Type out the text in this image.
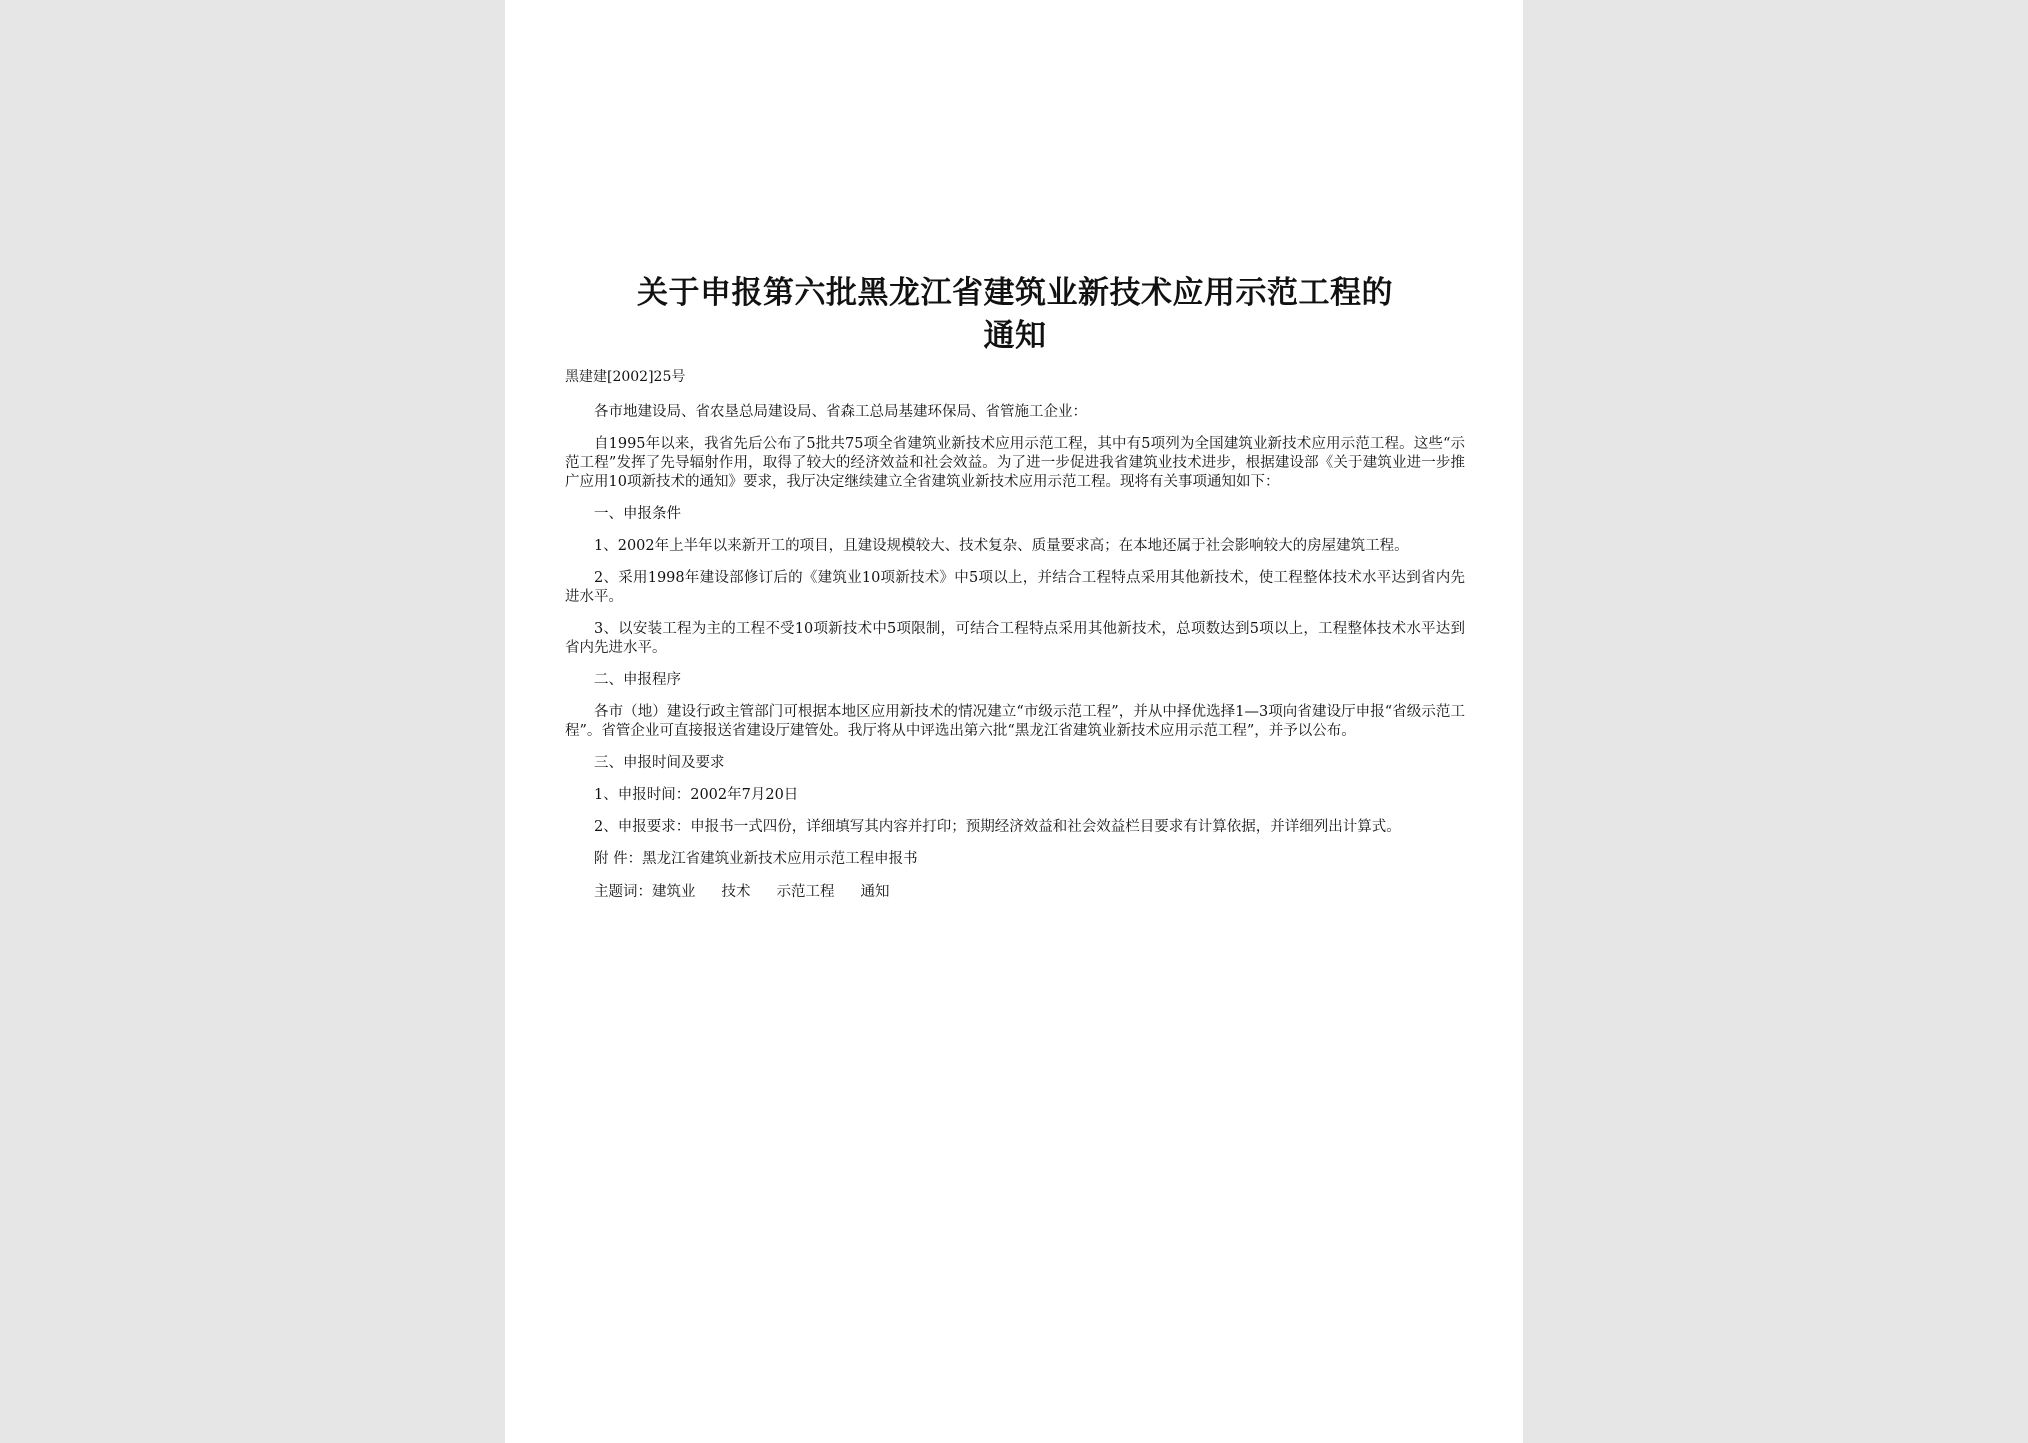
关于申报第六批黑龙江省建筑业新技术应用示范工程的
通知

黑建建[2002]25号

各市地建设局、省农垦总局建设局、省森工总局基建环保局、省管施工企业：

自1995年以来，我省先后公布了5批共75项全省建筑业新技术应用示范工程，其中有5项列为全国建筑业新技术应用示范工程。这些“示范工程”发挥了先导辐射作用，取得了较大的经济效益和社会效益。为了进一步促进我省建筑业技术进步，根据建设部《关于建筑业进一步推广应用10项新技术的通知》要求，我厅决定继续建立全省建筑业新技术应用示范工程。现将有关事项通知如下：

一、申报条件

1、2002年上半年以来新开工的项目，且建设规模较大、技术复杂、质量要求高；在本地还属于社会影响较大的房屋建筑工程。

2、采用1998年建设部修订后的《建筑业10项新技术》中5项以上，并结合工程特点采用其他新技术，使工程整体技术水平达到省内先进水平。

3、以安装工程为主的工程不受10项新技术中5项限制，可结合工程特点采用其他新技术，总项数达到5项以上，工程整体技术水平达到省内先进水平。

二、申报程序

各市（地）建设行政主管部门可根据本地区应用新技术的情况建立“市级示范工程”，并从中择优选择1—3项向省建设厅申报“省级示范工程”。省管企业可直接报送省建设厅建管处。我厅将从中评选出第六批“黑龙江省建筑业新技术应用示范工程”，并予以公布。

三、申报时间及要求

1、申报时间：2002年7月20日

2、申报要求：申报书一式四份，详细填写其内容并打印；预期经济效益和社会效益栏目要求有计算依据，并详细列出计算式。

附 件：黑龙江省建筑业新技术应用示范工程申报书

主题词：建筑业 技术 示范工程 通知
